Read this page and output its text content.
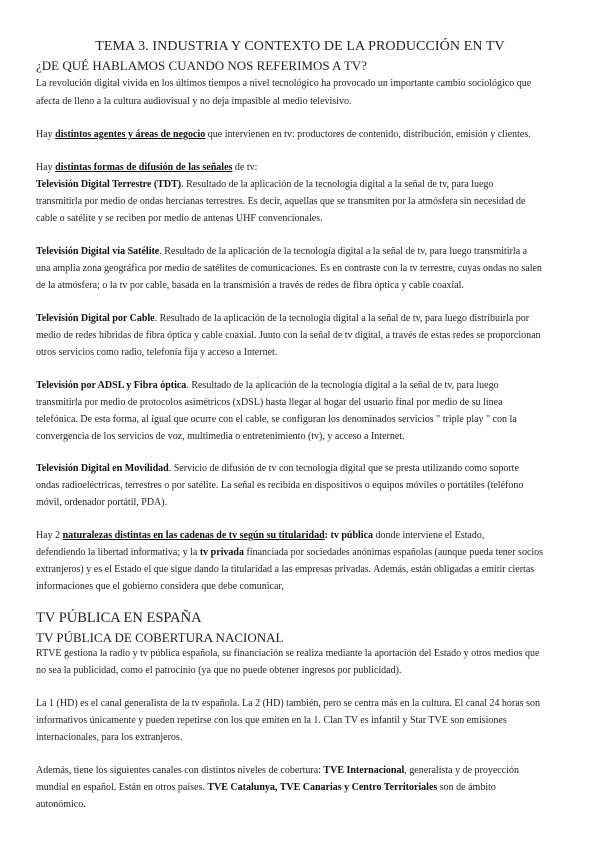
TEMA 3. INDUSTRIA Y CONTEXTO DE LA PRODUCCIÓN EN TV

¿DE QUÉ HABLAMOS CUANDO NOS REFERIMOS A TV?

La revolución digital vivida en los últimos tiempos a nivel tecnológico ha provocado un importante cambio sociológico que

afecta de lleno a la cultura audiovisual y no deja impasible al medio televisivo.

Hay distintos agentes y áreas de negocio que intervienen en tv: productores de contenido, distribución, emisión y clientes.

Hay distintas formas de difusión de las señales de tv:

Televisión Digital Terrestre (TDT). Resultado de la aplicación de la tecnología digital a la señal de tv, para luego

transmitirla por medio de ondas hercianas terrestres. Es decir, aquellas que se transmiten por la atmósfera sin necesidad de

cable o satélite y se reciben por medio de antenas UHF convencionales.

Televisión Digital vía Satélite. Resultado de la aplicación de la tecnología digital a la señal de tv, para luego transmitirla a

una amplia zona geográfica por medio de satélites de comunicaciones. Es en contraste con la tv terrestre, cuyas ondas no salen

de la atmósfera; o la tv por cable, basada en la transmisión a través de redes de fibra óptica y cable coaxial.

Televisión Digital por Cable. Resultado de la aplicación de la tecnología digital a la señal de tv, para luego distribuirla por

medio de redes híbridas de fibra óptica y cable coaxial. Junto con la señal de tv digital, a través de estas redes se proporcionan

otros servicios como radio, telefonía fija y acceso a Internet.

Televisión por ADSL y Fibra óptica. Resultado de la aplicación de la tecnología digital a la señal de tv, para luego

transmitirla por medio de protocolos asimétricos (xDSL) hasta llegar al hogar del usuario final por medio de su línea

telefónica. De esta forma, al igual que ocurre con el cable, se configuran los denominados servicios " triple play " con la

convergencia de los servicios de voz, multimedia o entretenimiento (tv), y acceso a Internet.

Televisión Digital en Movilidad. Servicio de difusión de tv con tecnología digital que se presta utilizando como soporte

ondas radioeléctricas, terrestres o por satélite. La señal es recibida en dispositivos o equipos móviles o portátiles (teléfono

móvil, ordenador portátil, PDA).

Hay 2 naturalezas distintas en las cadenas de tv según su titularidad: tv pública donde interviene el Estado,

defendiendo la libertad informativa; y la tv privada financiada por sociedades anónimas españolas (aunque pueda tener socios

extranjeros) y es el Estado el que sigue dando la titularidad a las empresas privadas. Además, están obligadas a emitir ciertas

informaciones que el gobierno considera que debe comunicar,

TV PÚBLICA EN ESPAÑA

TV PÚBLICA DE COBERTURA NACIONAL

RTVE gestiona la radio y tv pública española, su financiación se realiza mediante la aportación del Estado y otros medios que

no sea la publicidad, como el patrocinio (ya que no puede obtener ingresos por publicidad).

La 1 (HD) es el canal generalista de la tv española. La 2 (HD) también, pero se centra más en la cultura. El canal 24 horas son

informativos únicamente y pueden repetirse con los que emiten en la 1. Clan TV es infantil y Star TVE son emisiones

internacionales, para los extranjeros.

Además, tiene los siguientes canales con distintos niveles de cobertura: TVE Internacional, generalista y de proyección

mundial en español. Están en otros países. TVE Catalunya, TVE Canarias y Centro Territoriales son de ámbito

autonómico.
